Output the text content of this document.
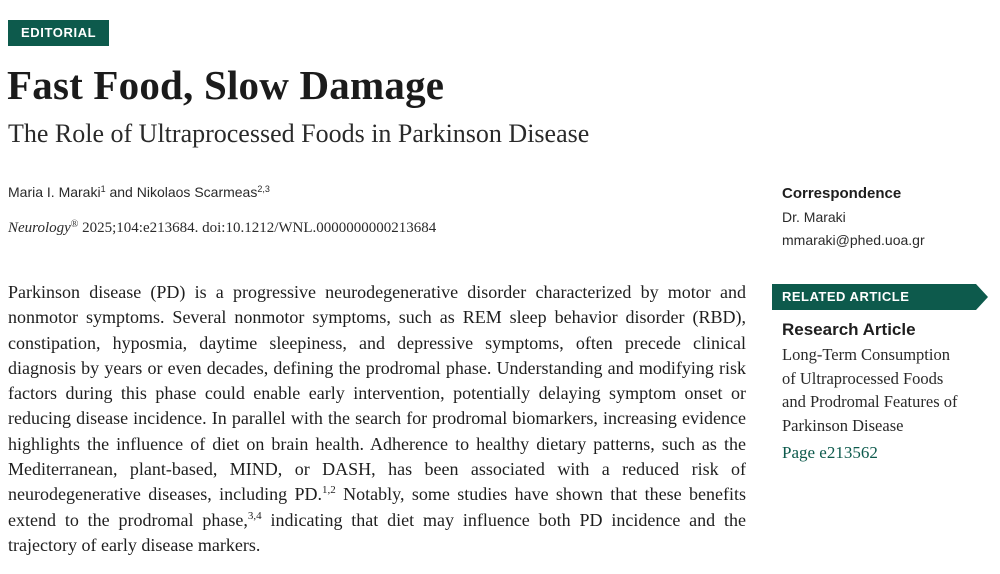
EDITORIAL
Fast Food, Slow Damage
The Role of Ultraprocessed Foods in Parkinson Disease
Maria I. Maraki$^1$ and Nikolaos Scarmeas$^{2,3}$
Neurology® 2025;104:e213684. doi:10.1212/WNL.0000000000213684

Parkinson disease (PD) is a progressive neurodegenerative disorder characterized by motor and nonmotor symptoms. Several nonmotor symptoms, such as REM sleep behavior disorder (RBD), constipation, hyposmia, daytime sleepiness, and depressive symptoms, often precede clinical diagnosis by years or even decades, defining the prodromal phase. Understanding and modifying risk factors during this phase could enable early intervention, potentially delaying symptom onset or reducing disease incidence. In parallel with the search for prodromal biomarkers, increasing evidence highlights the influence of diet on brain health. Adherence to healthy dietary patterns, such as the Mediterranean, plant-based, MIND, or DASH, has been associated with a reduced risk of neurodegenerative diseases, including PD.$^{1,2}$ Notably, some studies have shown that these benefits extend to the prodromal phase,$^{3,4}$ indicating that diet may influence both PD incidence and the trajectory of early disease markers.

Correspondence
Dr. Maraki
mmaraki@phed.uoa.gr
RELATED ARTICLE
Research Article
Long-Term Consumption
of Ultraprocessed Foods
and Prodromal Features of
Parkinson Disease
Page e213562
